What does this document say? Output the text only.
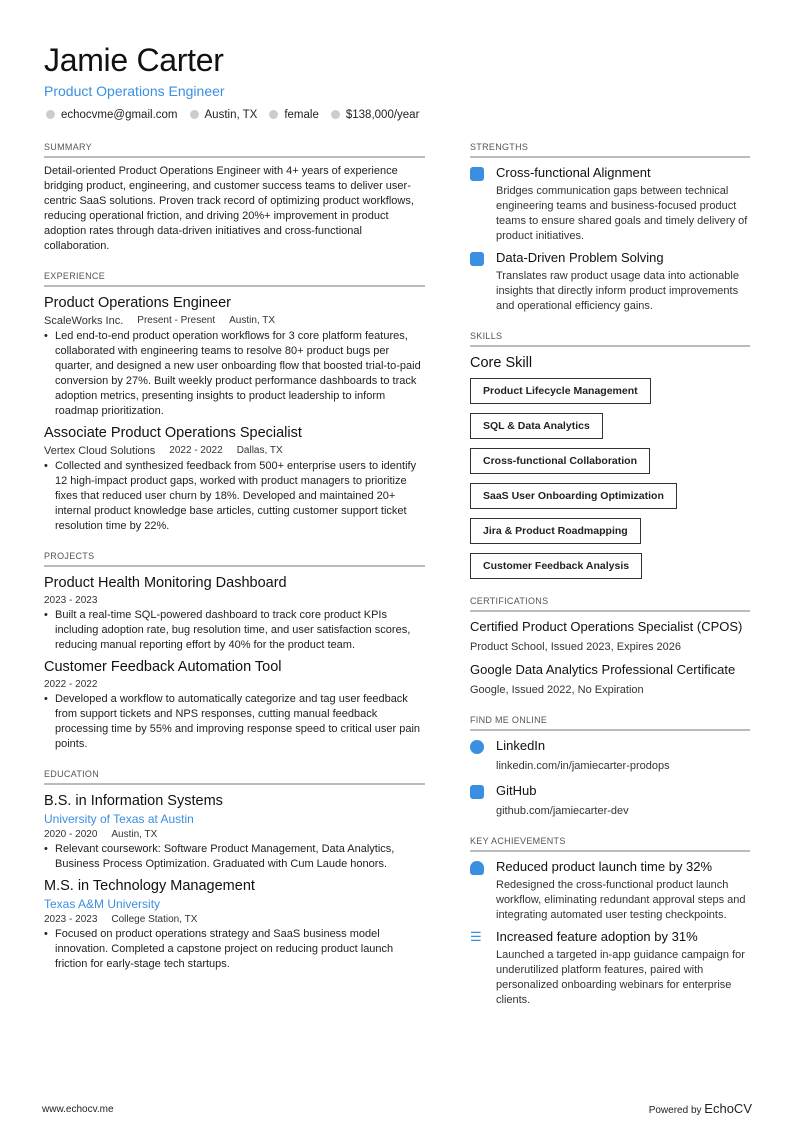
Jamie Carter
Product Operations Engineer
echocvme@gmail.com	Austin, TX	female	$138,000/year
SUMMARY
Detail-oriented Product Operations Engineer with 4+ years of experience bridging product, engineering, and customer success teams to deliver user-centric SaaS solutions. Proven track record of optimizing product workflows, reducing operational friction, and driving 20%+ improvement in product adoption rates through data-driven initiatives and cross-functional collaboration.
EXPERIENCE
Product Operations Engineer
ScaleWorks Inc. Present - Present Austin, TX
• Led end-to-end product operation workflows for 3 core platform features, collaborated with engineering teams to resolve 80+ product bugs per quarter, and designed a new user onboarding flow that boosted trial-to-paid conversion by 27%. Built weekly product performance dashboards to track adoption metrics, presenting insights to product leadership to inform roadmap prioritization.
Associate Product Operations Specialist
Vertex Cloud Solutions 2022 - 2022 Dallas, TX
• Collected and synthesized feedback from 500+ enterprise users to identify 12 high-impact product gaps, worked with product managers to prioritize fixes that reduced user churn by 18%. Developed and maintained 20+ internal product knowledge base articles, cutting customer support ticket resolution time by 22%.
PROJECTS
Product Health Monitoring Dashboard
2023 - 2023
• Built a real-time SQL-powered dashboard to track core product KPIs including adoption rate, bug resolution time, and user satisfaction scores, reducing manual reporting effort by 40% for the product team.
Customer Feedback Automation Tool
2022 - 2022
• Developed a workflow to automatically categorize and tag user feedback from support tickets and NPS responses, cutting manual feedback processing time by 55% and improving response speed to critical user pain points.
EDUCATION
B.S. in Information Systems
University of Texas at Austin
2020 - 2020 Austin, TX
• Relevant coursework: Software Product Management, Data Analytics, Business Process Optimization. Graduated with Cum Laude honors.
M.S. in Technology Management
Texas A&M University
2023 - 2023 College Station, TX
• Focused on product operations strategy and SaaS business model innovation. Completed a capstone project on reducing product launch friction for early-stage tech startups.
STRENGTHS
Cross-functional Alignment
Bridges communication gaps between technical engineering teams and business-focused product teams to ensure shared goals and timely delivery of product initiatives.
Data-Driven Problem Solving
Translates raw product usage data into actionable insights that directly inform product improvements and operational efficiency gains.
SKILLS
Core Skill
Product Lifecycle Management
SQL & Data Analytics
Cross-functional Collaboration
SaaS User Onboarding Optimization
Jira & Product Roadmapping
Customer Feedback Analysis
CERTIFICATIONS
Certified Product Operations Specialist (CPOS)
Product School, Issued 2023, Expires 2026
Google Data Analytics Professional Certificate
Google, Issued 2022, No Expiration
FIND ME ONLINE
LinkedIn
linkedin.com/in/jamiecarter-prodops
GitHub
github.com/jamiecarter-dev
KEY ACHIEVEMENTS
Reduced product launch time by 32%
Redesigned the cross-functional product launch workflow, eliminating redundant approval steps and integrating automated user testing checkpoints.
☰ Increased feature adoption by 31%
Launched a targeted in-app guidance campaign for underutilized platform features, paired with personalized onboarding webinars for enterprise clients.
www.echocv.me	Powered by EchoCV
